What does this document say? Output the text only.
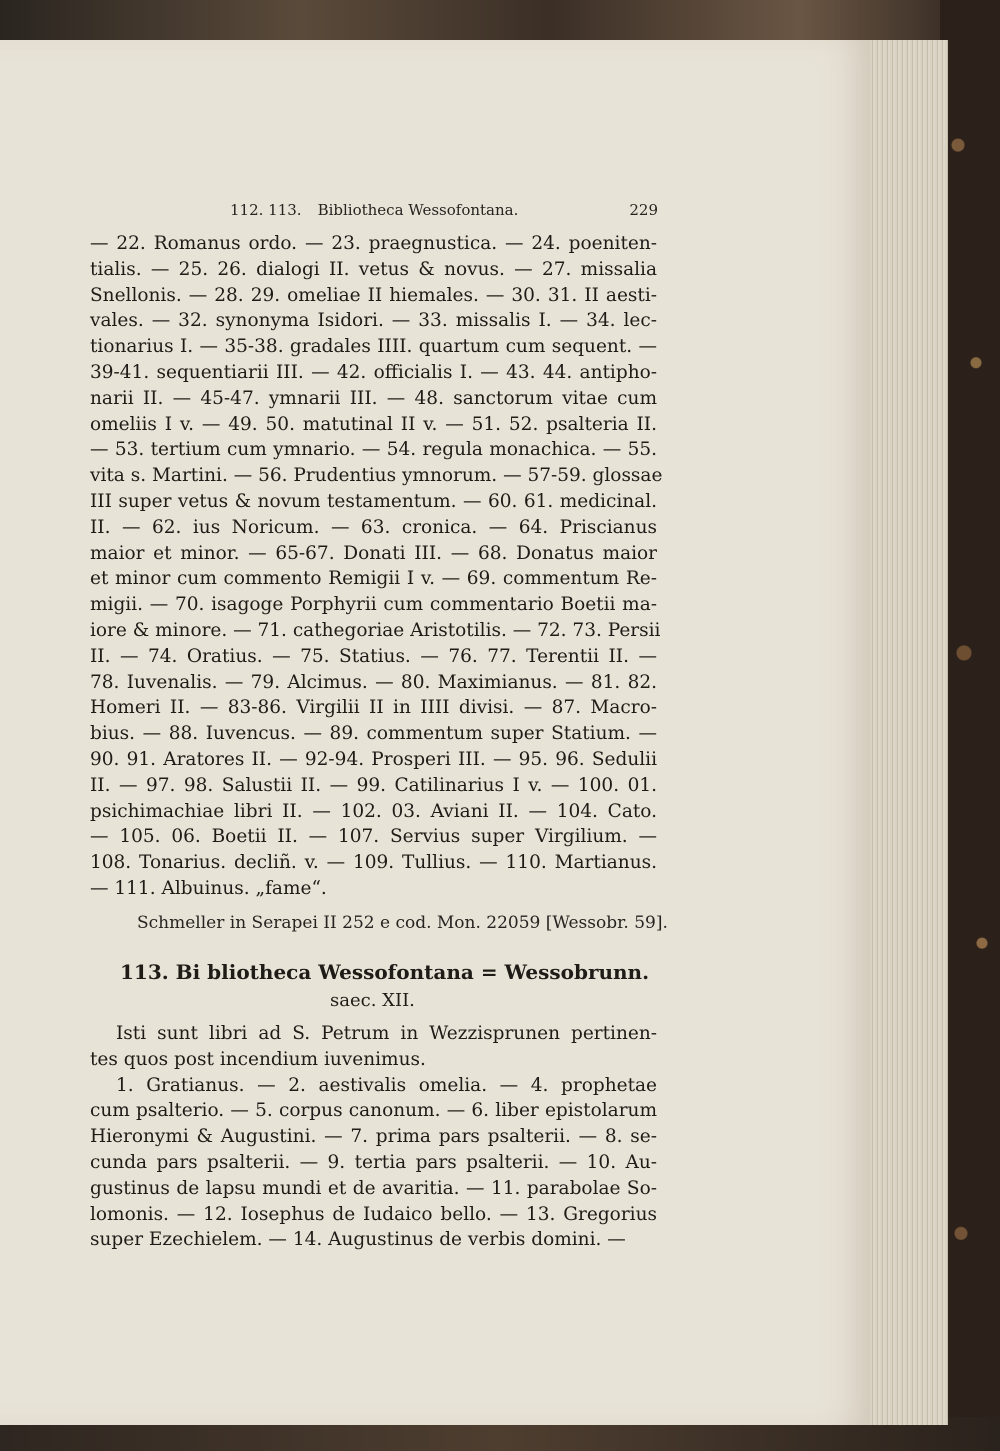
112. 113. Bibliotheca Wessofontana.	229
— 22. Romanus ordo. — 23. praegnustica. — 24. poeniten-
tialis. — 25. 26. dialogi II. vetus & novus. — 27. missalia
Snellonis. — 28. 29. omeliae II hiemales. — 30. 31. II aesti-
vales. — 32. synonyma Isidori. — 33. missalis I. — 34. lec-
tionarius I. — 35-38. gradales IIII. quartum cum sequent. —
39-41. sequentiarii III. — 42. officialis I. — 43. 44. antipho-
narii II. — 45-47. ymnarii III. — 48. sanctorum vitae cum
omeliis I v. — 49. 50. matutinal II v. — 51. 52. psalteria II.
— 53. tertium cum ymnario. — 54. regula monachica. — 55.
vita s. Martini. — 56. Prudentius ymnorum. — 57-59. glossae
III super vetus & novum testamentum. — 60. 61. medicinal.
II. — 62. ius Noricum. — 63. cronica. — 64. Priscianus
maior et minor. — 65-67. Donati III. — 68. Donatus maior
et minor cum commento Remigii I v. — 69. commentum Re-
migii. — 70. isagoge Porphyrii cum commentario Boetii ma-
iore & minore. — 71. cathegoriae Aristotilis. — 72. 73. Persii
II. — 74. Oratius. — 75. Statius. — 76. 77. Terentii II. —
78. Iuvenalis. — 79. Alcimus. — 80. Maximianus. — 81. 82.
Homeri II. — 83-86. Virgilii II in IIII divisi. — 87. Macro-
bius. — 88. Iuvencus. — 89. commentum super Statium. —
90. 91. Aratores II. — 92-94. Prosperi III. — 95. 96. Sedulii
II. — 97. 98. Salustii II. — 99. Catilinarius I v. — 100. 01.
psichimachiae libri II. — 102. 03. Aviani II. — 104. Cato.
— 105. 06. Boetii II. — 107. Servius super Virgilium. —
108. Tonarius. decliñ. v. — 109. Tullius. — 110. Martianus.
— 111. Albuinus. „fame“.
Schmeller in Serapei II 252 e cod. Mon. 22059 [Wessobr. 59].
113. Bi bliotheca Wessofontana = Wessobrunn.
saec. XII.
Isti sunt libri ad S. Petrum in Wezzisprunen pertinen-
tes quos post incendium iuvenimus.
1. Gratianus. — 2. aestivalis omelia. — 4. prophetae
cum psalterio. — 5. corpus canonum. — 6. liber epistolarum
Hieronymi & Augustini. — 7. prima pars psalterii. — 8. se-
cunda pars psalterii. — 9. tertia pars psalterii. — 10. Au-
gustinus de lapsu mundi et de avaritia. — 11. parabolae So-
lomonis. — 12. Iosephus de Iudaico bello. — 13. Gregorius
super Ezechielem. — 14. Augustinus de verbis domini. —
